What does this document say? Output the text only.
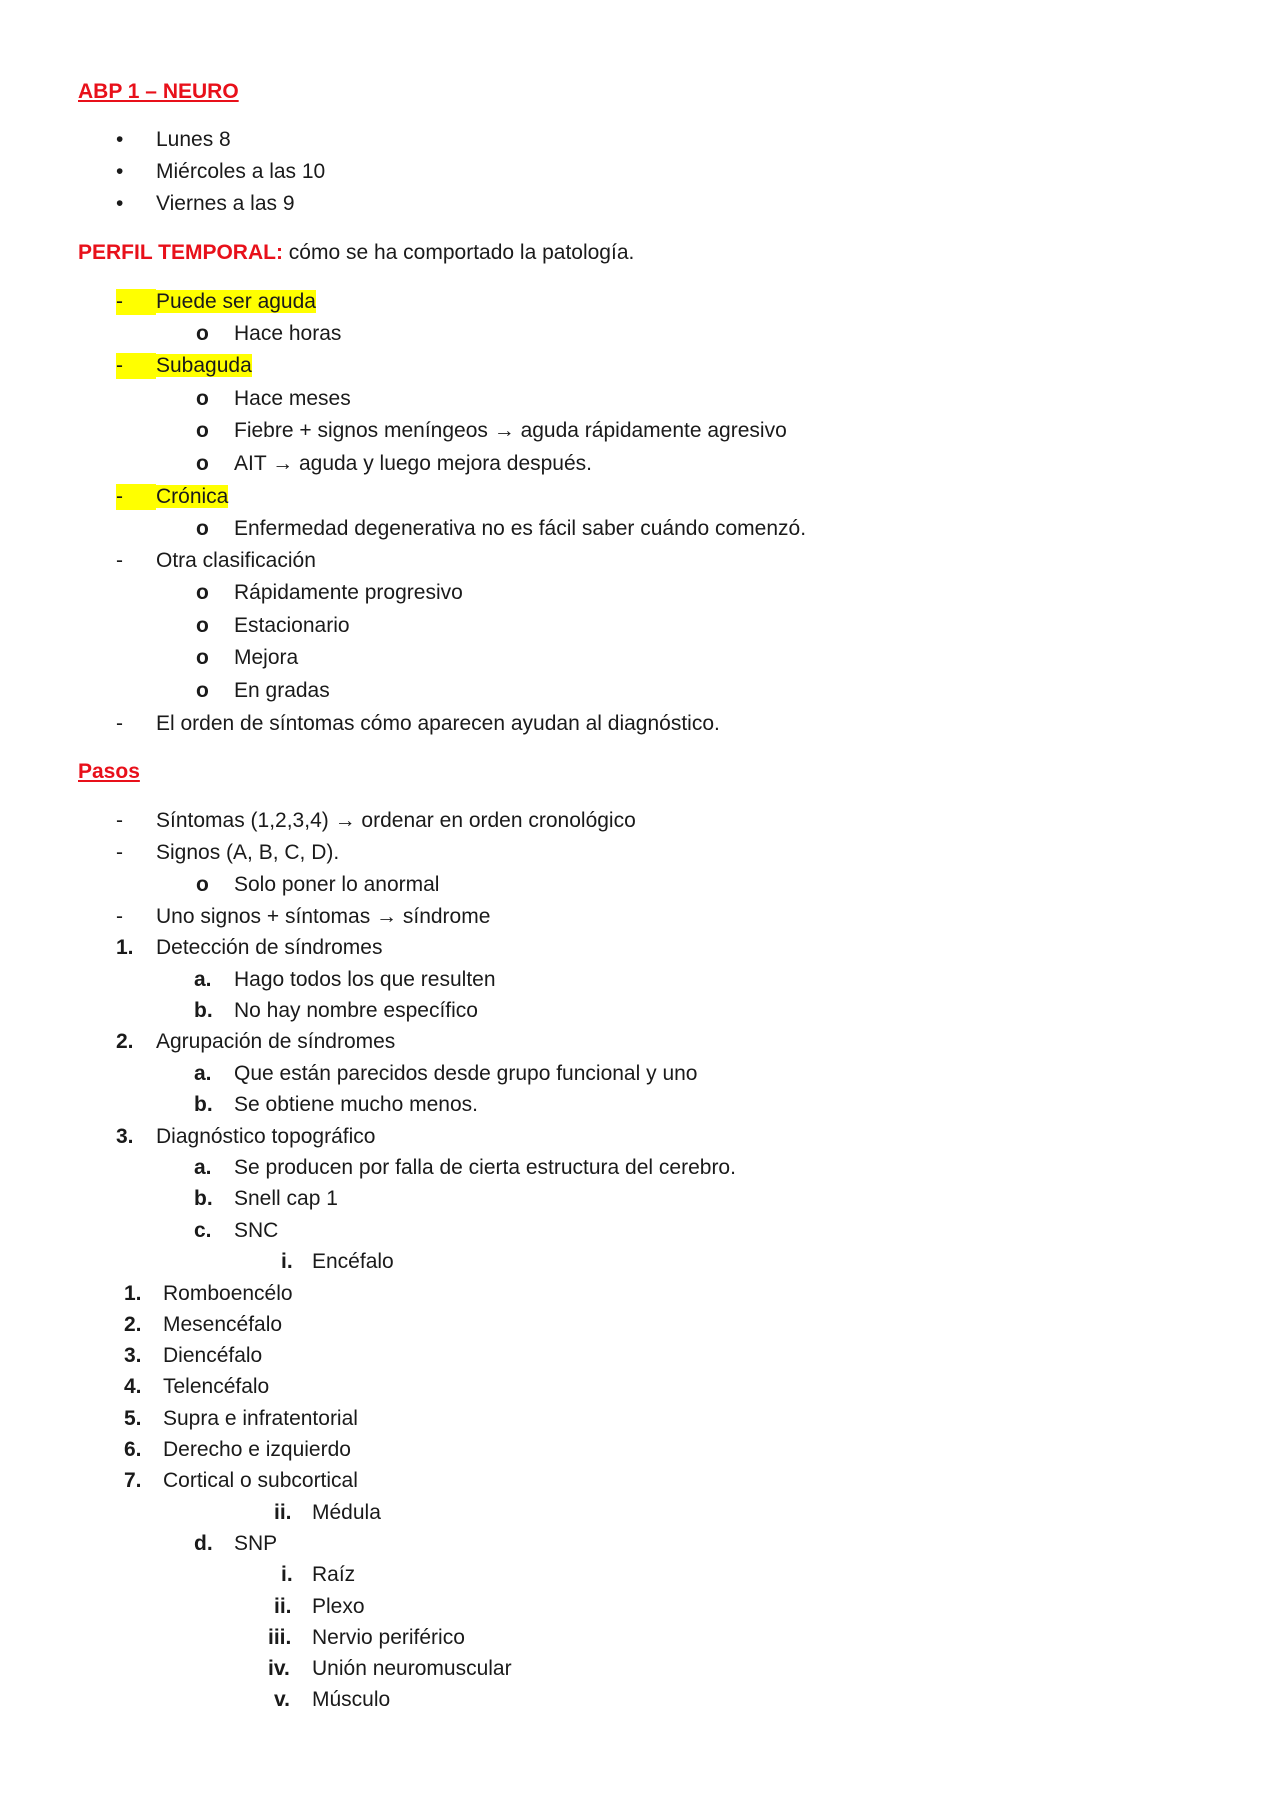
ABP 1 – NEURO
• Lunes 8
• Miércoles a las 10
• Viernes a las 9
PERFIL TEMPORAL: cómo se ha comportado la patología.
- Puede ser aguda
o Hace horas
- Subaguda
o Hace meses
o Fiebre + signos meníngeos → aguda rápidamente agresivo
o AIT → aguda y luego mejora después.
- Crónica
o Enfermedad degenerativa no es fácil saber cuándo comenzó.
- Otra clasificación
o Rápidamente progresivo
o Estacionario
o Mejora
o En gradas
- El orden de síntomas cómo aparecen ayudan al diagnóstico.
Pasos
- Síntomas (1,2,3,4) → ordenar en orden cronológico
- Signos (A, B, C, D).
o Solo poner lo anormal
- Uno signos + síntomas → síndrome
1. Detección de síndromes
a. Hago todos los que resulten
b. No hay nombre específico
2. Agrupación de síndromes
a. Que están parecidos desde grupo funcional y uno
b. Se obtiene mucho menos.
3. Diagnóstico topográfico
a. Se producen por falla de cierta estructura del cerebro.
b. Snell cap 1
c. SNC
i. Encéfalo
1. Romboencélo
2. Mesencéfalo
3. Diencéfalo
4. Telencéfalo
5. Supra e infratentorial
6. Derecho e izquierdo
7. Cortical o subcortical
ii. Médula
d. SNP
i. Raíz
ii. Plexo
iii. Nervio periférico
iv. Unión neuromuscular
v. Músculo
